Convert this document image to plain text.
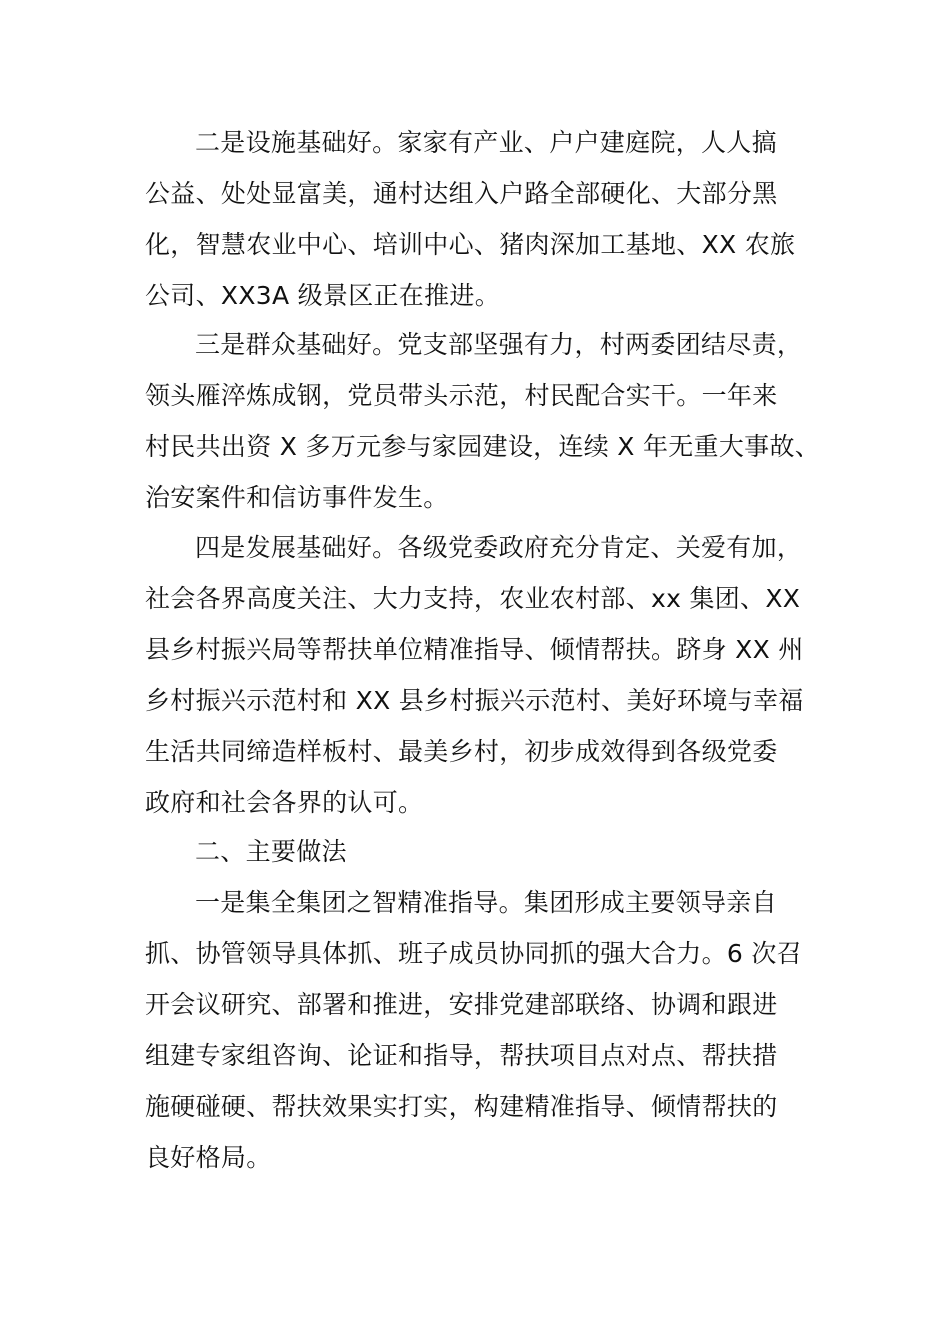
二是设施基础好。家家有产业、户户建庭院，人人搞
公益、处处显富美，通村达组入户路全部硬化、大部分黑
化，智慧农业中心、培训中心、猪肉深加工基地、XX 农旅
公司、XX3A 级景区正在推进。
三是群众基础好。党支部坚强有力，村两委团结尽责，
领头雁淬炼成钢，党员带头示范，村民配合实干。一年来
村民共出资 X 多万元参与家园建设，连续 X 年无重大事故、
治安案件和信访事件发生。
四是发展基础好。各级党委政府充分肯定、关爱有加，
社会各界高度关注、大力支持，农业农村部、xx 集团、XX
县乡村振兴局等帮扶单位精准指导、倾情帮扶。跻身 XX 州
乡村振兴示范村和 XX 县乡村振兴示范村、美好环境与幸福
生活共同缔造样板村、最美乡村，初步成效得到各级党委
政府和社会各界的认可。
二、主要做法
一是集全集团之智精准指导。集团形成主要领导亲自
抓、协管领导具体抓、班子成员协同抓的强大合力。6 次召
开会议研究、部署和推进，安排党建部联络、协调和跟进
组建专家组咨询、论证和指导，帮扶项目点对点、帮扶措
施硬碰硬、帮扶效果实打实，构建精准指导、倾情帮扶的
良好格局。
